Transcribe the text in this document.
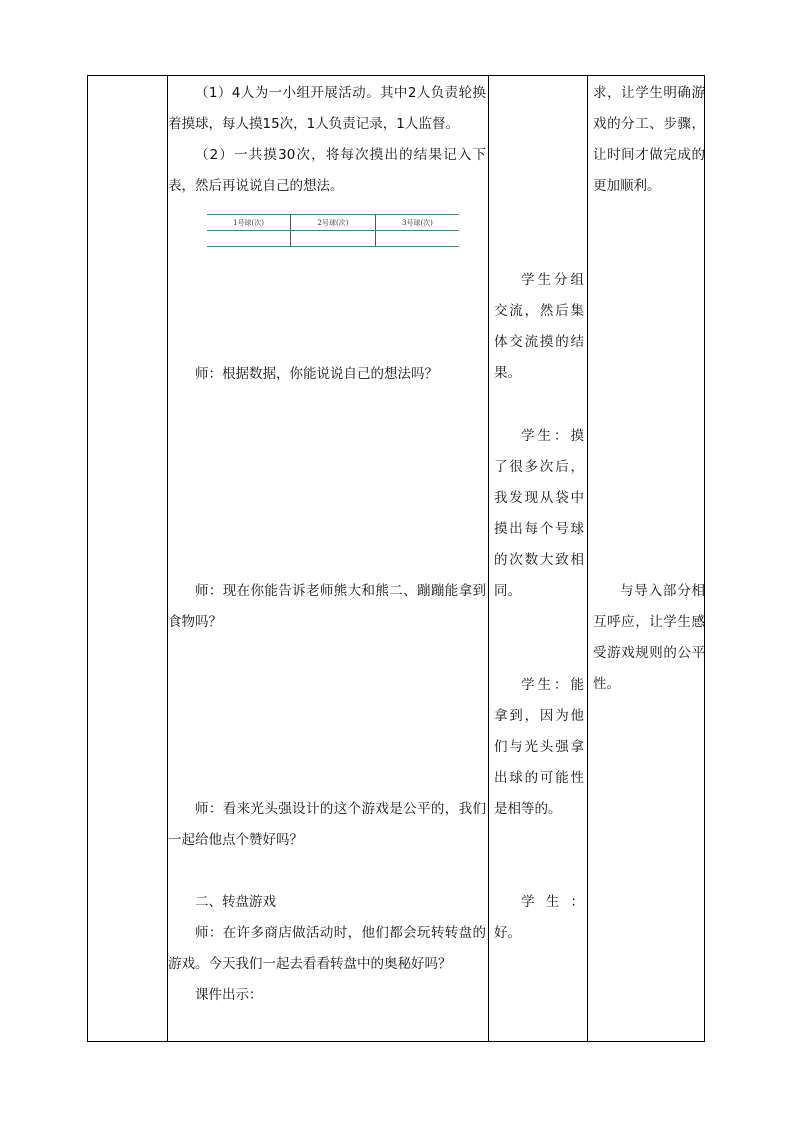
（1）4人为一小组开展活动。其中2人负责轮换着摸球，每人摸15次，1人负责记录，1人监督。

（2）一共摸30次，将每次摸出的结果记入下表，然后再说说自己的想法。

1号球(次)	2号球(次)	3号球(次)

师：根据数据，你能说说自己的想法吗？

师：现在你能告诉老师熊大和熊二、蹦蹦能拿到食物吗？

师：看来光头强设计的这个游戏是公平的，我们一起给他点个赞好吗？

二、转盘游戏

师：在许多商店做活动时，他们都会玩转转盘的游戏。今天我们一起去看看转盘中的奥秘好吗？

课件出示：

学生分组交流，然后集体交流摸的结果。

学生：摸了很多次后，我发现从袋中摸出每个号球的次数大致相同。

学生：能拿到，因为他们与光头强拿出球的可能性是相等的。

学生：好。

求，让学生明确游戏的分工、步骤，让时间才做完成的更加顺利。

与导入部分相互呼应，让学生感受游戏规则的公平性。
